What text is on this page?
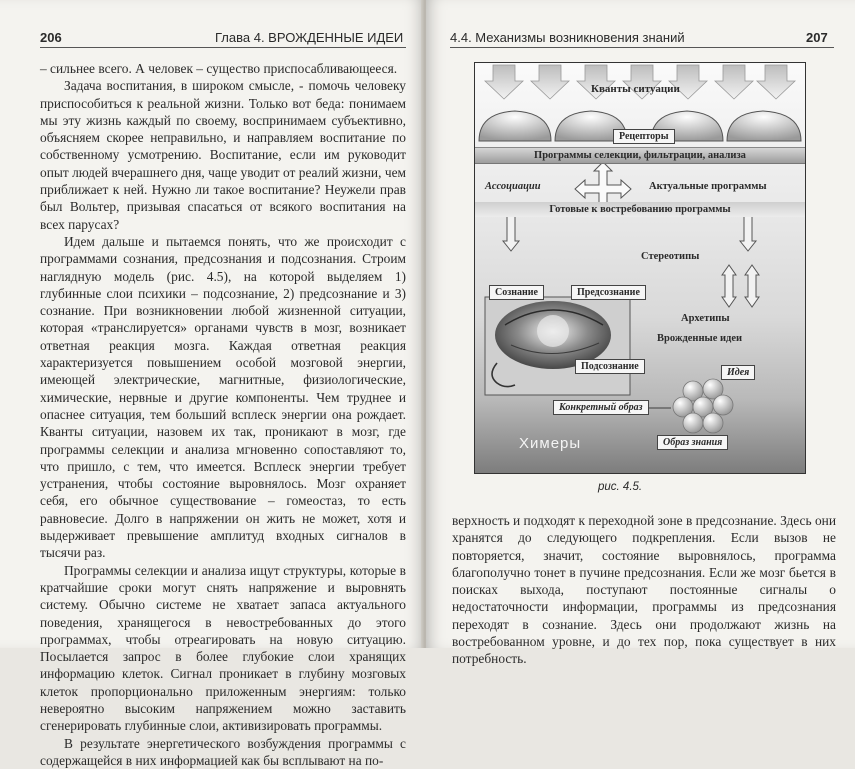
206	Глава 4. ВРОЖДЕННЫЕ ИДЕИ

– сильнее всего. А человек – существо приспосабливающееся.

Задача воспитания, в широком смысле, - помочь человеку приспособиться к реальной жизни. Только вот беда: понимаем мы эту жизнь каждый по своему, воспринимаем субъективно, объясняем скорее неправильно, и направляем воспитание по собственному усмотрению. Воспитание, если им руководит опыт людей вчерашнего дня, чаще уводит от реалий жизни, чем приближает к ней. Нужно ли такое воспитание? Неужели прав был Вольтер, призывая спасаться от всякого воспитания на всех парусах?

Идем дальше и пытаемся понять, что же происходит с программами сознания, предсознания и подсознания. Строим наглядную модель (рис. 4.5), на которой выделяем 1) глубинные слои психики – подсознание, 2) предсознание и 3) сознание. При возникновении любой жизненной ситуации, которая «транслируется» органами чувств в мозг, возникает ответная реакция мозга. Каждая ответная реакция характеризуется повышением особой мозговой энергии, имеющей электрические, магнитные, физиологические, химические, нервные и другие компоненты. Чем труднее и опаснее ситуация, тем больший всплеск энергии она рождает. Кванты ситуации, назовем их так, проникают в мозг, где программы селекции и анализа мгновенно сопоставляют то, что пришло, с тем, что имеется. Всплеск энергии требует устранения, чтобы состояние выровнялось. Мозг охраняет себя, его обычное существование – гомеостаз, то есть равновесие. Долго в напряжении он жить не может, хотя и выдерживает превышение амплитуд входных сигналов в тысячи раз.

Программы селекции и анализа ищут структуры, которые в кратчайшие сроки могут снять напряжение и выровнять систему. Обычно системе не хватает запаса актуального поведения, хранящегося в невостребованных до этого программах, чтобы отреагировать на новую ситуацию. Посылается запрос в более глубокие слои хранящих информацию клеток. Сигнал проникает в глубину мозговых клеток пропорционально приложенным энергиям: только невероятно высоким напряжением можно заставить сгенерировать глубинные слои, активизировать программы.

В результате энергетического возбуждения программы с содержащейся в них информацией как бы всплывают на по-

4.4. Механизмы возникновения знаний	207
рис. 4.5.

верхность и подходят к переходной зоне в предсознание. Здесь они хранятся до следующего подкрепления. Если вызов не повторяется, значит, состояние выровнялось, программа благополучно тонет в пучине предсознания. Если же мозг бьется в поисках выхода, поступают постоянные сигналы о недостаточности информации, программы из предсознания переходят в сознание. Здесь они продолжают жизнь на востребованном уровне, и до тех пор, пока существует в них потребность.

Кванты ситуации
Рецепторы
Программы селекции, фильтрации, анализа
Ассоциации	Актуальные программы
Готовые к востребованию программы
Стереотипы
Сознание	Предсознание
Архетипы
Врожденные идеи
Подсознание
Идея
Конкретный образ
Химеры	Образ знания
